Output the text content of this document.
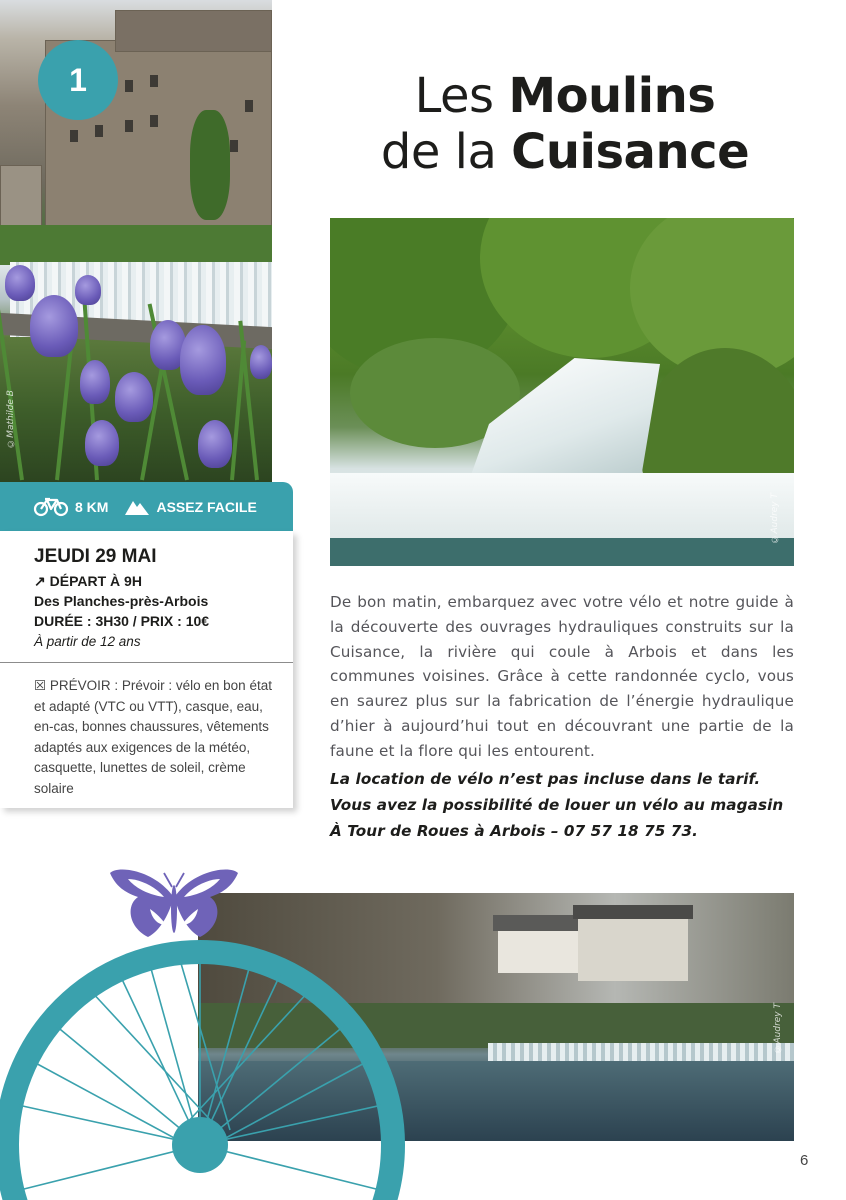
©Mathilde B
1
8 KM	ASSEZ FACILE
JEUDI 29 MAI
↗ DÉPART À 9H
Des Planches-près-Arbois
DURÉE : 3H30 / PRIX : 10€
À partir de 12 ans
☒ PRÉVOIR : Prévoir : vélo en bon état et adapté (VTC ou VTT), casque, eau, en-cas, bonnes chaussures, vêtements adaptés aux exigences de la météo, casquette, lunettes de soleil, crème solaire
Les Moulins
de la Cuisance
©Audrey T
De bon matin, embarquez avec votre vélo et notre guide à la découverte des ouvrages hydrauliques construits sur la Cuisance, la rivière qui coule à Arbois et dans les communes voisines. Grâce à cette randonnée cyclo, vous en saurez plus sur la fabrication de l’énergie hydraulique d’hier à aujourd’hui tout en découvrant une partie de la faune et la flore qui les entourent.
La location de vélo n’est pas incluse dans le tarif.
Vous avez la possibilité de louer un vélo au magasin
À Tour de Roues à Arbois – 07 57 18 75 73.
©Audrey T
6
